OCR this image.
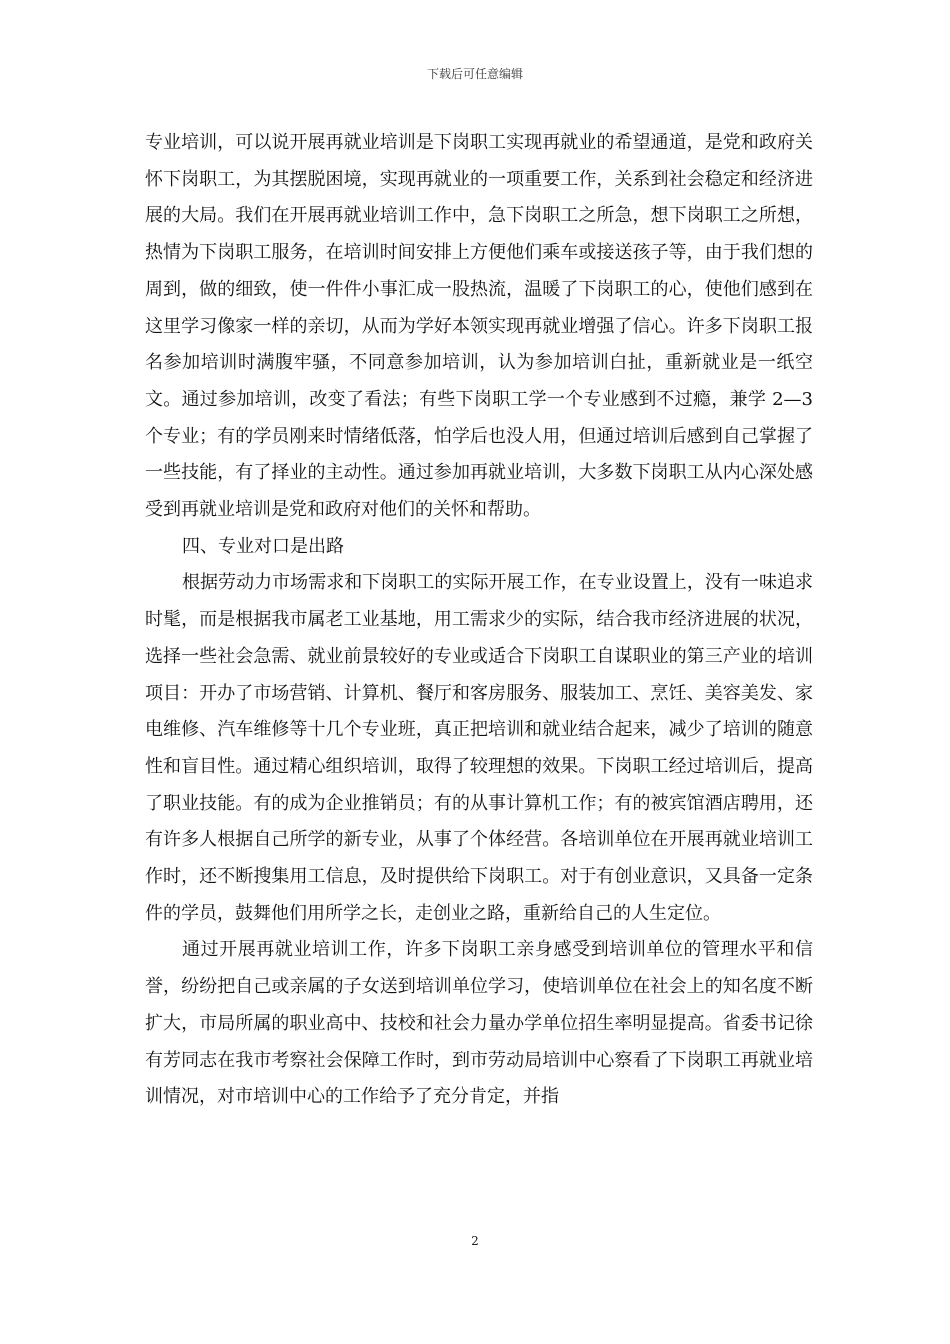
下载后可任意编辑

专业培训，可以说开展再就业培训是下岗职工实现再就业的希望通道，是党和政府关怀下岗职工，为其摆脱困境，实现再就业的一项重要工作，关系到社会稳定和经济进展的大局。我们在开展再就业培训工作中，急下岗职工之所急，想下岗职工之所想，热情为下岗职工服务，在培训时间安排上方便他们乘车或接送孩子等，由于我们想的周到，做的细致，使一件件小事汇成一股热流，温暖了下岗职工的心，使他们感到在这里学习像家一样的亲切，从而为学好本领实现再就业增强了信心。许多下岗职工报名参加培训时满腹牢骚，不同意参加培训，认为参加培训白扯，重新就业是一纸空文。通过参加培训，改变了看法；有些下岗职工学一个专业感到不过瘾，兼学 2—3 个专业；有的学员刚来时情绪低落，怕学后也没人用，但通过培训后感到自己掌握了一些技能，有了择业的主动性。通过参加再就业培训，大多数下岗职工从内心深处感受到再就业培训是党和政府对他们的关怀和帮助。

四、专业对口是出路

根据劳动力市场需求和下岗职工的实际开展工作，在专业设置上，没有一味追求时髦，而是根据我市属老工业基地，用工需求少的实际，结合我市经济进展的状况，选择一些社会急需、就业前景较好的专业或适合下岗职工自谋职业的第三产业的培训项目：开办了市场营销、计算机、餐厅和客房服务、服装加工、烹饪、美容美发、家电维修、汽车维修等十几个专业班，真正把培训和就业结合起来，减少了培训的随意性和盲目性。通过精心组织培训，取得了较理想的效果。下岗职工经过培训后，提高了职业技能。有的成为企业推销员；有的从事计算机工作；有的被宾馆酒店聘用，还有许多人根据自己所学的新专业，从事了个体经营。各培训单位在开展再就业培训工作时，还不断搜集用工信息，及时提供给下岗职工。对于有创业意识，又具备一定条件的学员，鼓舞他们用所学之长，走创业之路，重新给自己的人生定位。

通过开展再就业培训工作，许多下岗职工亲身感受到培训单位的管理水平和信誉，纷纷把自己或亲属的子女送到培训单位学习，使培训单位在社会上的知名度不断扩大，市局所属的职业高中、技校和社会力量办学单位招生率明显提高。省委书记徐有芳同志在我市考察社会保障工作时，到市劳动局培训中心察看了下岗职工再就业培训情况，对市培训中心的工作给予了充分肯定，并指

2
